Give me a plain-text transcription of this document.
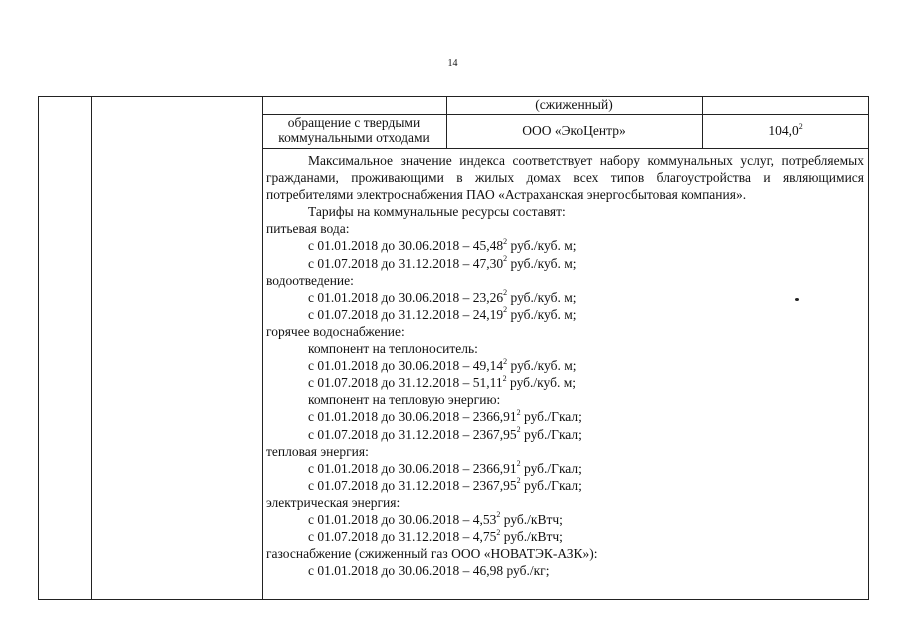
14
(сжиженный)
обращение с твердыми коммунальными отходами	ООО «ЭкоЦентр»	104,0$^2$

Максимальное значение индекса соответствует набору коммунальных услуг, потребляемых гражданами, проживающими в жилых домах всех типов благоустройства и являющимися потребителями электроснабжения ПАО «Астраханская энергосбытовая компания».

Тарифы на коммунальные ресурсы составят:

питьевая вода:

с 01.01.2018 до 30.06.2018 – 45,48$^2$ руб./куб. м;

с 01.07.2018 до 31.12.2018 – 47,30$^2$ руб./куб. м;

водоотведение:

с 01.01.2018 до 30.06.2018 – 23,26$^2$ руб./куб. м;

с 01.07.2018 до 31.12.2018 – 24,19$^2$ руб./куб. м;

горячее водоснабжение:

компонент на теплоноситель:

с 01.01.2018 до 30.06.2018 – 49,14$^2$ руб./куб. м;

с 01.07.2018 до 31.12.2018 – 51,11$^2$ руб./куб. м;

компонент на тепловую энергию:

с 01.01.2018 до 30.06.2018 – 2366,91$^2$ руб./Гкал;

с 01.07.2018 до 31.12.2018 – 2367,95$^2$ руб./Гкал;

тепловая энергия:

с 01.01.2018 до 30.06.2018 – 2366,91$^2$ руб./Гкал;

с 01.07.2018 до 31.12.2018 – 2367,95$^2$ руб./Гкал;

электрическая энергия:

с 01.01.2018 до 30.06.2018 – 4,53$^2$ руб./кВтч;

с 01.07.2018 до 31.12.2018 – 4,75$^2$ руб./кВтч;

газоснабжение (сжиженный газ ООО «НОВАТЭК-АЗК»):

с 01.01.2018 до 30.06.2018 – 46,98 руб./кг;
